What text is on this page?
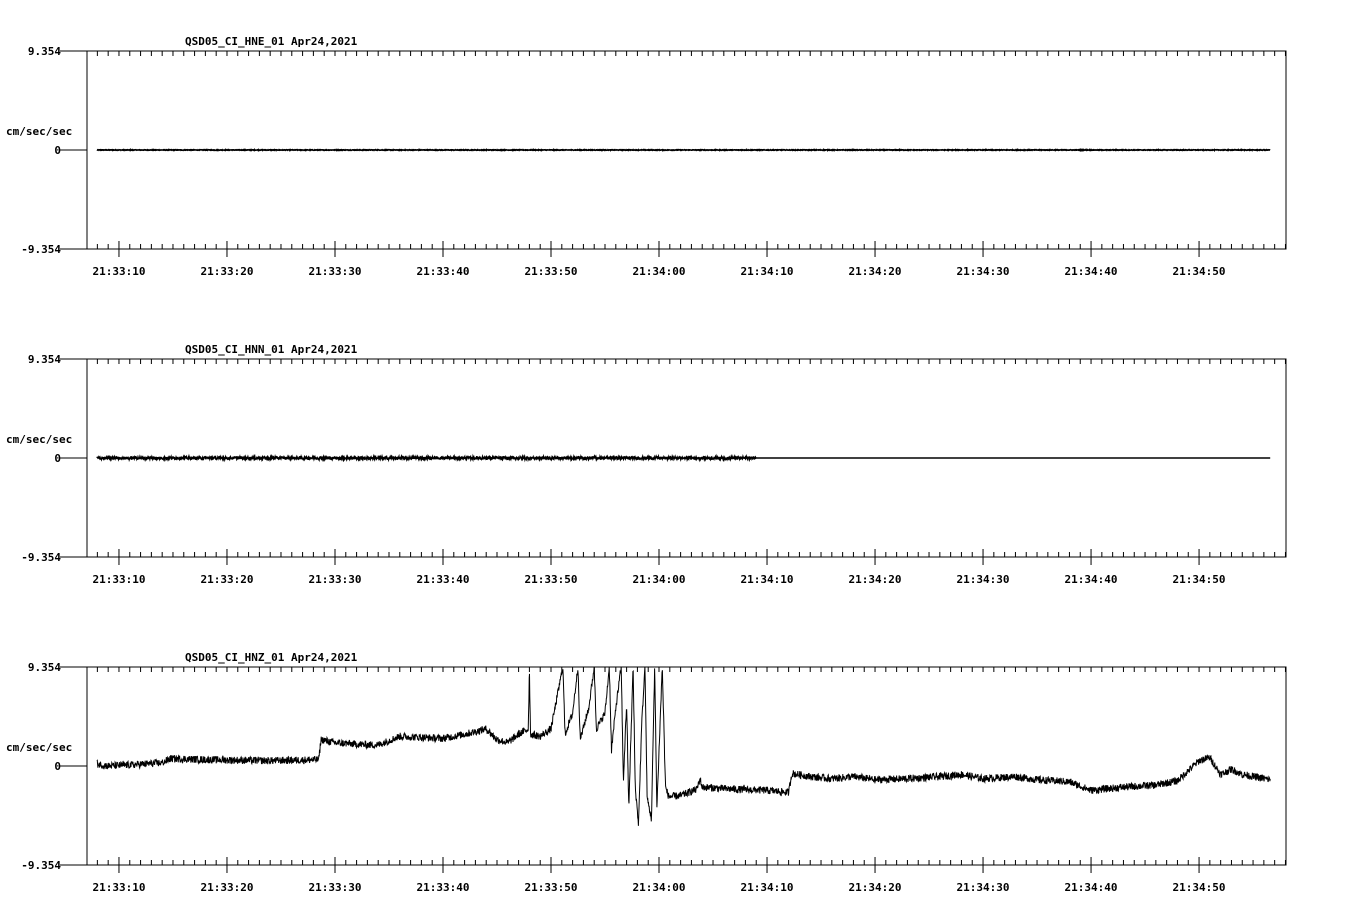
QSD05_CI_HNE_01 Apr24,2021
cm/sec/sec
9.354
0
-9.354
21:33:10	21:33:20	21:33:30	21:33:40	21:33:50	21:34:00	21:34:10	21:34:20	21:34:30	21:34:40	21:34:50
QSD05_CI_HNN_01 Apr24,2021
cm/sec/sec
9.354
0
-9.354
21:33:10	21:33:20	21:33:30	21:33:40	21:33:50	21:34:00	21:34:10	21:34:20	21:34:30	21:34:40	21:34:50
QSD05_CI_HNZ_01 Apr24,2021
cm/sec/sec
9.354
0
-9.354
21:33:10	21:33:20	21:33:30	21:33:40	21:33:50	21:34:00	21:34:10	21:34:20	21:34:30	21:34:40	21:34:50
